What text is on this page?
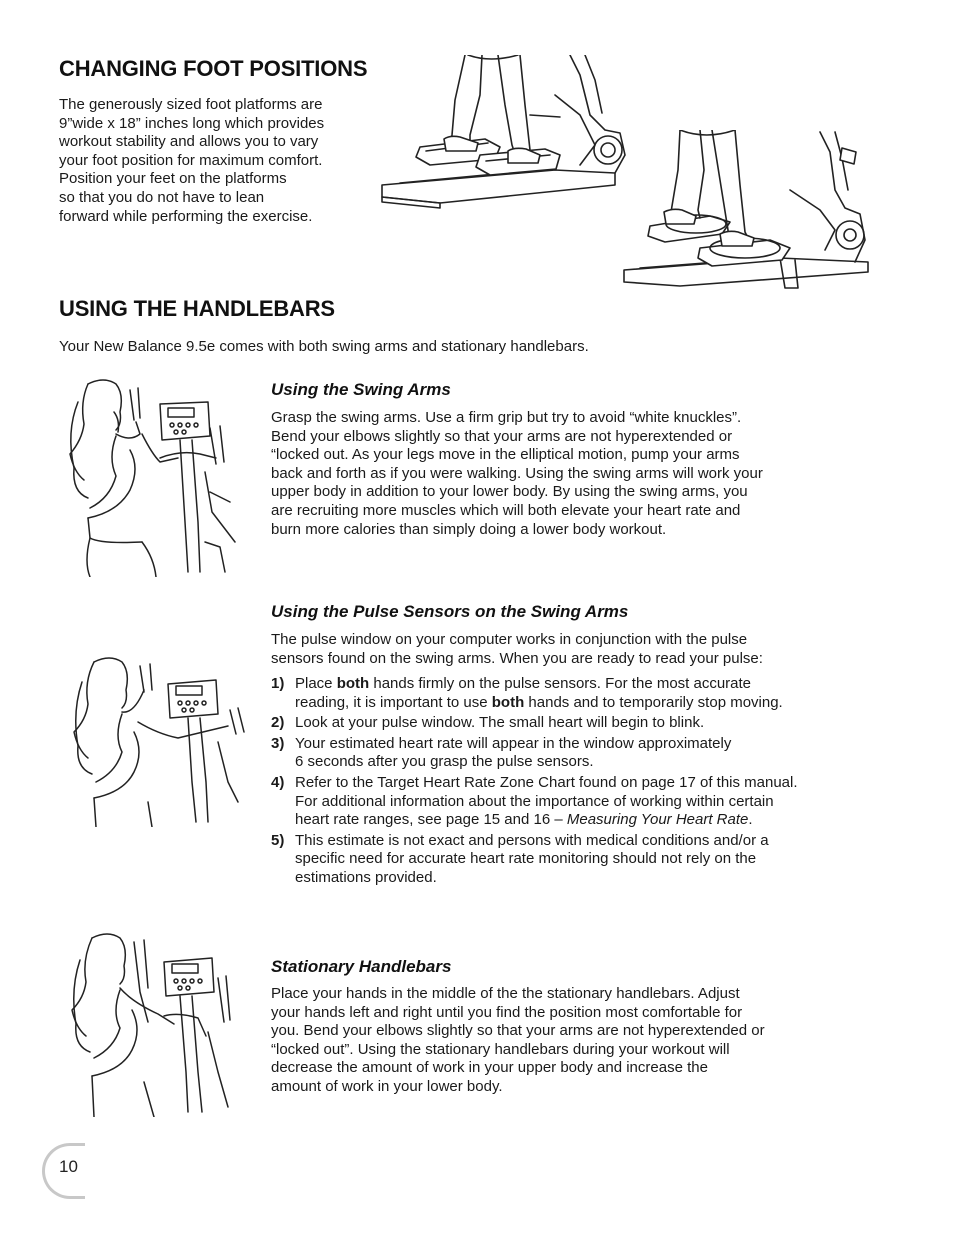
CHANGING FOOT POSITIONS

The generously sized foot platforms are

9”wide x 18” inches long which provides

workout stability and allows you to vary

your foot position for maximum comfort.

Position your feet on the platforms

so that you do not have to lean

forward while performing the exercise.

USING THE HANDLEBARS

Your New Balance 9.5e comes with both swing arms and stationary handlebars.

Using the Swing Arms

Grasp the swing arms. Use a firm grip but try to avoid “white knuckles”.

Bend your elbows slightly so that your arms are not hyperextended or

“locked out. As your legs move in the elliptical motion, pump your arms

back and forth as if you were walking. Using the swing arms will work your

upper body in addition to your lower body. By using the swing arms, you

are recruiting more muscles which will both elevate your heart rate and

burn more calories than simply doing a lower body workout.

Using the Pulse Sensors on the Swing Arms

The pulse window on your computer works in conjunction with the pulse

sensors found on the swing arms. When you are ready to read your pulse:

1) Place both hands firmly on the pulse sensors. For the most accurate
reading, it is important to use both hands and to temporarily stop moving.
2) Look at your pulse window. The small heart will begin to blink.
3) Your estimated heart rate will appear in the window approximately
6 seconds after you grasp the pulse sensors.
4) Refer to the Target Heart Rate Zone Chart found on page 17 of this manual.
For additional information about the importance of working within certain
heart rate ranges, see page 15 and 16 – Measuring Your Heart Rate.
5) This estimate is not exact and persons with medical conditions and/or a
specific need for accurate heart rate monitoring should not rely on the
estimations provided.
Stationary Handlebars

Place your hands in the middle of the the stationary handlebars. Adjust

your hands left and right until you find the position most comfortable for

you. Bend your elbows slightly so that your arms are not hyperextended or

“locked out”. Using the stationary handlebars during your workout will

decrease the amount of work in your upper body and increase the

amount of work in your lower body.

10
